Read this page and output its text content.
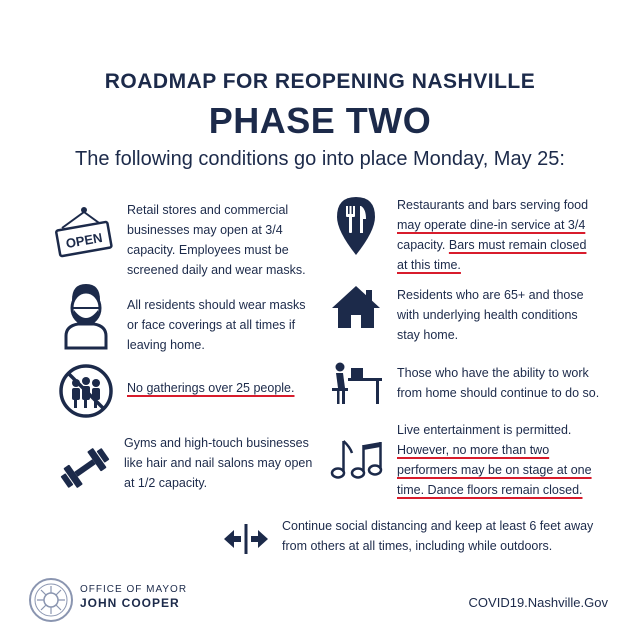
ROADMAP FOR REOPENING NASHVILLE
PHASE TWO
The following conditions go into place Monday, May 25:
OPEN
Retail stores and commercial
businesses may open at 3/4
capacity. Employees must be
screened daily and wear masks.
All residents should wear masks
or face coverings at all times if
leaving home.
No gatherings over 25 people.
Gyms and high-touch businesses
like hair and nail salons may open
at 1/2 capacity.
Restaurants and bars serving food
may operate dine-in service at 3/4
capacity. Bars must remain closed
at this time.
Residents who are 65+ and those
with underlying health conditions
stay home.
Those who have the ability to work
from home should continue to do so.
Live entertainment is permitted.
However, no more than two
performers may be on stage at one
time. Dance floors remain closed.
Continue social distancing and keep at least 6 feet away
from others at all times, including while outdoors.
OFFICE OF MAYOR
JOHN COOPER	COVID19.Nashville.Gov
